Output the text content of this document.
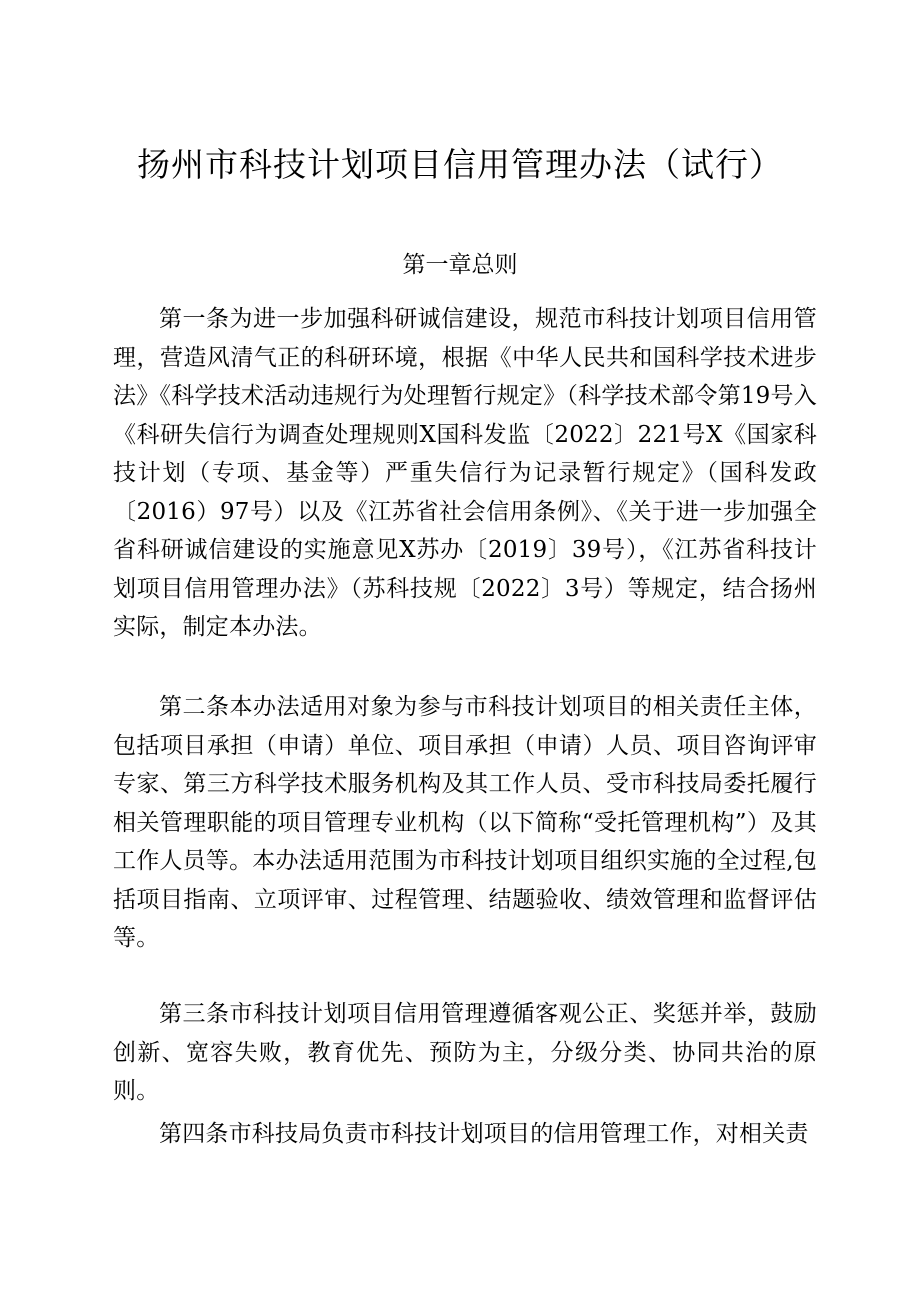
扬州市科技计划项目信用管理办法（试行）
第一章总则

第一条为进一步加强科研诚信建设，规范市科技计划项目信用管理，营造风清气正的科研环境，根据《中华人民共和国科学技术进步法》《科学技术活动违规行为处理暂行规定》（科学技术部令第19号入《科研失信行为调查处理规则X国科发监〔2022〕221号X《国家科技计划（专项、基金等）严重失信行为记录暂行规定》（国科发政〔2016）97号）以及《江苏省社会信用条例》、《关于进一步加强全省科研诚信建设的实施意见X苏办〔2019〕39号），《江苏省科技计划项目信用管理办法》（苏科技规〔2022〕3号）等规定，结合扬州实际，制定本办法。

第二条本办法适用对象为参与市科技计划项目的相关责任主体，包括项目承担（申请）单位、项目承担（申请）人员、项目咨询评审专家、第三方科学技术服务机构及其工作人员、受市科技局委托履行相关管理职能的项目管理专业机构（以下简称“受托管理机构”）及其工作人员等。本办法适用范围为市科技计划项目组织实施的全过程,包括项目指南、立项评审、过程管理、结题验收、绩效管理和监督评估等。

第三条市科技计划项目信用管理遵循客观公正、奖惩并举，鼓励创新、宽容失败，教育优先、预防为主，分级分类、协同共治的原则。

第四条市科技局负责市科技计划项目的信用管理工作，对相关责
